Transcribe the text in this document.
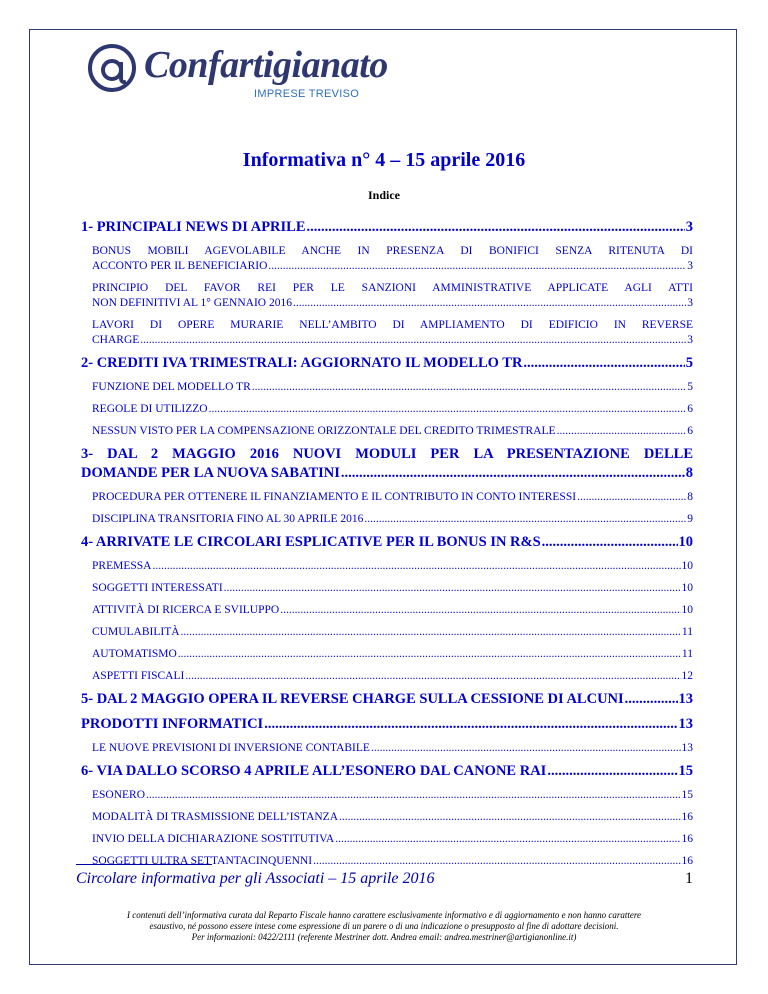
Confartigianato
IMPRESE TREVISO
Informativa n° 4 – 15 aprile 2016
Indice
1- PRINCIPALI NEWS DI APRILE .....	3
BONUS MOBILI AGEVOLABILE ANCHE IN PRESENZA DI BONIFICI SENZA RITENUTA DI
ACCONTO PER IL BENEFICIARIO .....	3
PRINCIPIO DEL FAVOR REI PER LE SANZIONI AMMINISTRATIVE APPLICATE AGLI ATTI
NON DEFINITIVI AL 1° GENNAIO 2016 .....	3
LAVORI DI OPERE MURARIE NELL’AMBITO DI AMPLIAMENTO DI EDIFICIO IN REVERSE
CHARGE .....	3
2- CREDITI IVA TRIMESTRALI: AGGIORNATO IL MODELLO TR .....	5
FUNZIONE DEL MODELLO TR .....	5
REGOLE DI UTILIZZO .....	6
NESSUN VISTO PER LA COMPENSAZIONE ORIZZONTALE DEL CREDITO TRIMESTRALE .....	6
3- DAL 2 MAGGIO 2016 NUOVI MODULI PER LA PRESENTAZIONE DELLE
DOMANDE PER LA NUOVA SABATINI .....	8
PROCEDURA PER OTTENERE IL FINANZIAMENTO E IL CONTRIBUTO IN CONTO INTERESSI .....	8
DISCIPLINA TRANSITORIA FINO AL 30 APRILE 2016 .....	9
4- ARRIVATE LE CIRCOLARI ESPLICATIVE PER IL BONUS IN R&S .....	10
PREMESSA .....	10
SOGGETTI INTERESSATI .....	10
ATTIVITÀ DI RICERCA E SVILUPPO .....	10
CUMULABILITÀ .....	11
AUTOMATISMO .....	11
ASPETTI FISCALI .....	12
5- DAL 2 MAGGIO OPERA IL REVERSE CHARGE SULLA CESSIONE DI ALCUNI .....	13
PRODOTTI INFORMATICI .....	13
LE NUOVE PREVISIONI DI INVERSIONE CONTABILE .....	13
6- VIA DALLO SCORSO 4 APRILE ALL’ESONERO DAL CANONE RAI .....	15
ESONERO .....	15
MODALITÀ DI TRASMISSIONE DELL’ISTANZA .....	16
INVIO DELLA DICHIARAZIONE SOSTITUTIVA .....	16
SOGGETTI ULTRA SETTANTACINQUENNI .....	16
Circolare informativa per gli Associati – 15 aprile 2016	1
I contenuti dell’informativa curata dal Reparto Fiscale hanno carattere esclusivamente informativo e di aggiornamento e non hanno carattere
esaustivo, né possono essere intese come espressione di un parere o di una indicazione o presupposto al fine di adottare decisioni.
Per informazioni: 0422/2111 (referente Mestriner dott. Andrea email: andrea.mestriner@artigianonline.it)
